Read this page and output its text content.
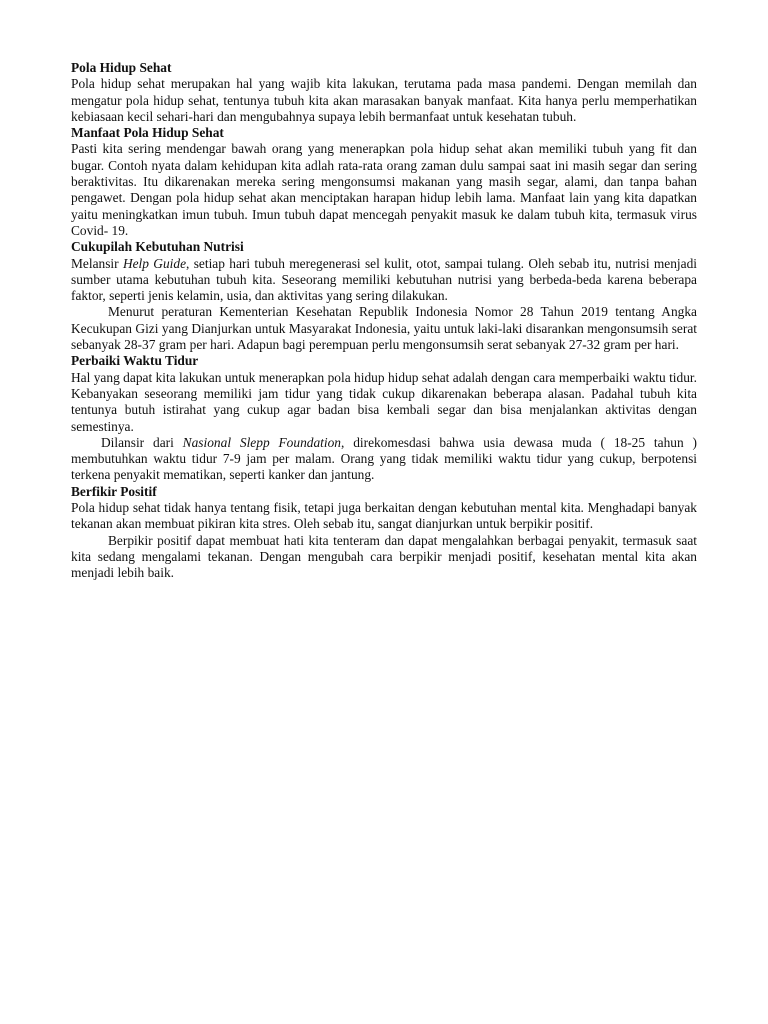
Pola Hidup Sehat

Pola hidup sehat merupakan hal yang wajib kita lakukan, terutama pada masa pandemi. Dengan memilah dan mengatur pola hidup sehat, tentunya tubuh kita akan marasakan banyak manfaat. Kita hanya perlu memperhatikan kebiasaan kecil sehari-hari dan mengubahnya supaya lebih bermanfaat untuk kesehatan tubuh.

Manfaat Pola Hidup Sehat

Pasti kita sering mendengar bawah orang yang menerapkan pola hidup sehat akan memiliki tubuh yang fit dan bugar. Contoh nyata dalam kehidupan kita adlah rata-rata orang zaman dulu sampai saat ini masih segar dan sering beraktivitas. Itu dikarenakan mereka sering mengonsumsi makanan yang masih segar, alami, dan tanpa bahan pengawet. Dengan pola hidup sehat akan menciptakan harapan hidup lebih lama. Manfaat lain yang kita dapatkan yaitu meningkatkan imun tubuh. Imun tubuh dapat mencegah penyakit masuk ke dalam tubuh kita, termasuk virus Covid- 19.

Cukupilah Kebutuhan Nutrisi

Melansir Help Guide, setiap hari tubuh meregenerasi sel kulit, otot, sampai tulang. Oleh sebab itu, nutrisi menjadi sumber utama kebutuhan tubuh kita. Seseorang memiliki kebutuhan nutrisi yang berbeda-beda karena beberapa faktor, seperti jenis kelamin, usia, dan aktivitas yang sering dilakukan.

Menurut peraturan Kementerian Kesehatan Republik Indonesia Nomor 28 Tahun 2019 tentang Angka Kecukupan Gizi yang Dianjurkan untuk Masyarakat Indonesia, yaitu untuk laki-laki disarankan mengonsumsih serat sebanyak 28-37 gram per hari. Adapun bagi perempuan perlu mengonsumsih serat sebanyak 27-32 gram per hari.

Perbaiki Waktu Tidur

Hal yang dapat kita lakukan untuk menerapkan pola hidup hidup sehat adalah dengan cara memperbaiki waktu tidur. Kebanyakan seseorang memiliki jam tidur yang tidak cukup dikarenakan beberapa alasan. Padahal tubuh kita tentunya butuh istirahat yang cukup agar badan bisa kembali segar dan bisa menjalankan aktivitas dengan semestinya.

Dilansir dari Nasional Slepp Foundation, direkomesdasi bahwa usia dewasa muda ( 18-25 tahun ) membutuhkan waktu tidur 7-9 jam per malam. Orang yang tidak memiliki waktu tidur yang cukup, berpotensi terkena penyakit mematikan, seperti kanker dan jantung.

Berfikir Positif

Pola hidup sehat tidak hanya tentang fisik, tetapi juga berkaitan dengan kebutuhan mental kita. Menghadapi banyak tekanan akan membuat pikiran kita stres. Oleh sebab itu, sangat dianjurkan untuk berpikir positif.

Berpikir positif dapat membuat hati kita tenteram dan dapat mengalahkan berbagai penyakit, termasuk saat kita sedang mengalami tekanan. Dengan mengubah cara berpikir menjadi positif, kesehatan mental kita akan menjadi lebih baik.
